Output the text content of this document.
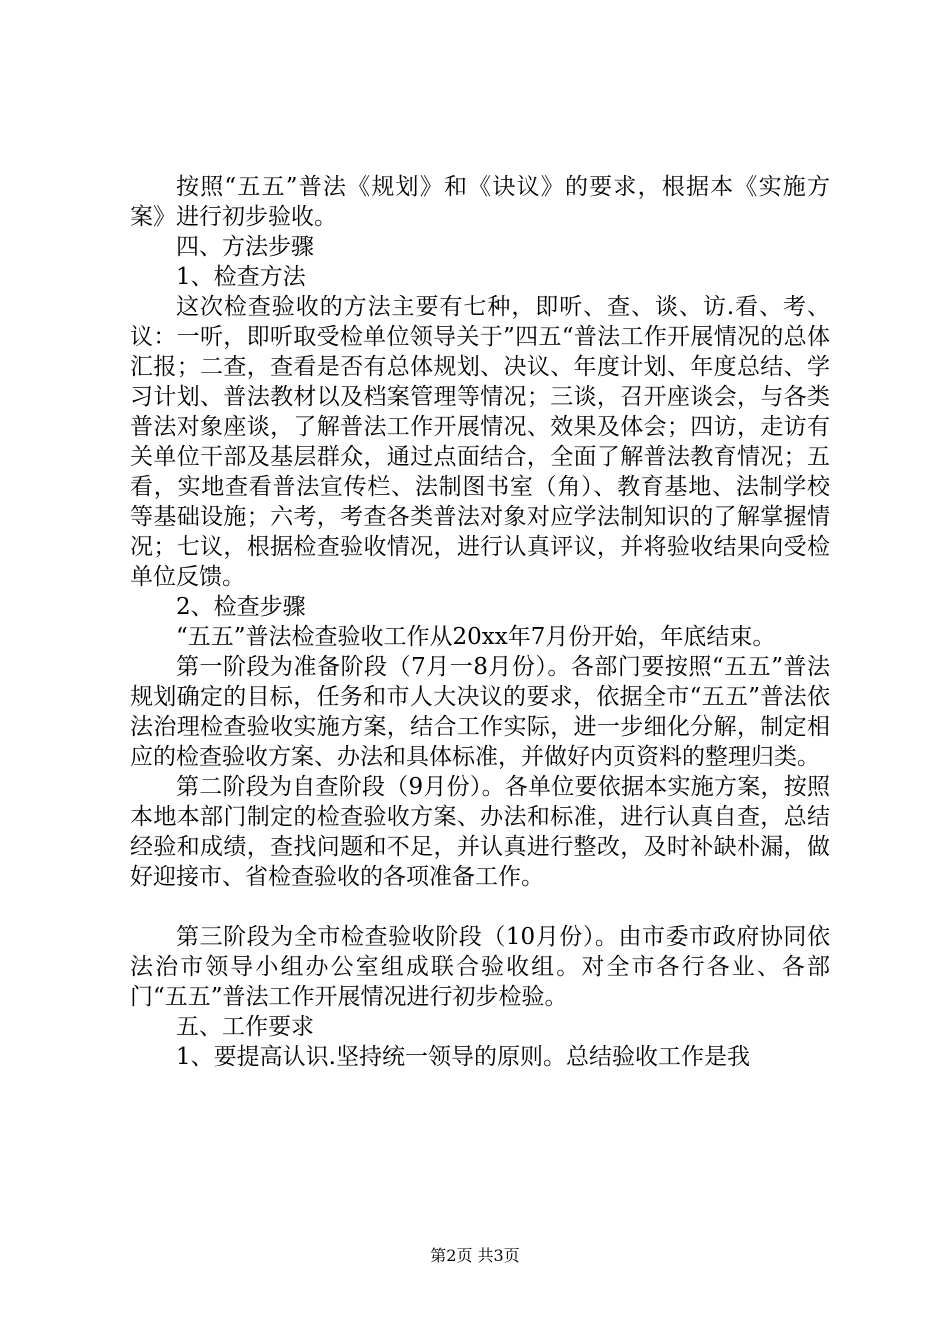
按照“五五”普法《规划》和《诀议》的要求，根据本《实施方案》进行初步验收。

四、方法步骤

1、检查方法

这次检查验收的方法主要有七种，即听、查、谈、访.看、考、议：一听，即听取受检单位领导关于”四五“普法工作开展情况的总体汇报；二查，查看是否有总体规划、决议、年度计划、年度总结、学习计划、普法教材以及档案管理等情况；三谈，召开座谈会，与各类普法对象座谈，了解普法工作开展情况、效果及体会；四访，走访有关单位干部及基层群众，通过点面结合，全面了解普法教育情况；五看，实地查看普法宣传栏、法制图书室（角）、教育基地、法制学校等基础设施；六考，考查各类普法对象对应学法制知识的了解掌握情况；七议，根据检查验收情况，进行认真评议，并将验收结果向受检单位反馈。

2、检查步骤

“五五”普法检查验收工作从20xx年7月份开始，年底结束。

第一阶段为准备阶段（7月一8月份）。各部门要按照“五五”普法规划确定的目标，任务和市人大决议的要求，依据全市“五五”普法依法治理检查验收实施方案，结合工作实际，进一步细化分解，制定相应的检查验收方案、办法和具体标准，并做好内页资料的整理归类。

第二阶段为自查阶段（9月份）。各单位要依据本实施方案，按照本地本部门制定的检查验收方案、办法和标准，进行认真自查，总结经验和成绩，查找问题和不足，并认真进行整改，及时补缺朴漏，做好迎接市、省检查验收的各项准备工作。

第三阶段为全市检查验收阶段（10月份）。由市委市政府协同依法治市领导小组办公室组成联合验收组。对全市各行各业、各部门“五五”普法工作开展情况进行初步检验。

五、工作要求

1、要提高认识.坚持统一领导的原则。总结验收工作是我

第2页 共3页
